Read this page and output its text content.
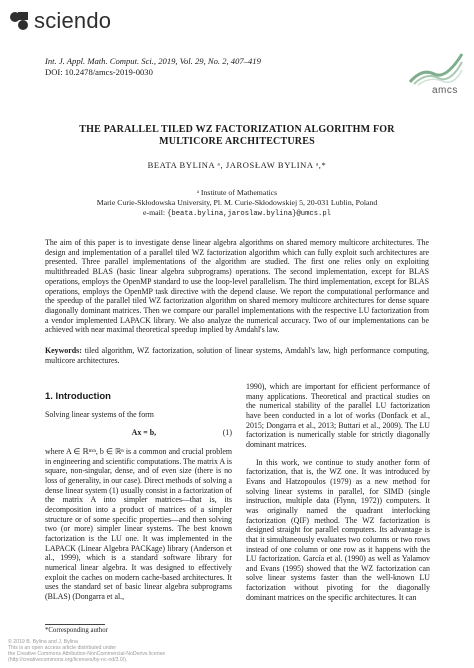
sciendo
Int. J. Appl. Math. Comput. Sci., 2019, Vol. 29, No. 2, 407–419
DOI: 10.2478/amcs-2019-0030
amcs
THE PARALLEL TILED WZ FACTORIZATION ALGORITHM FOR
MULTICORE ARCHITECTURES
BEATA BYLINA ᵃ, JAROSŁAW BYLINA ᵃ,*
ᵃ Institute of Mathematics
Marie Curie-Skłodowska University, Pl. M. Curie-Skłodowskiej 5, 20-031 Lublin, Poland
e-mail: {beata.bylina,jaroslaw.bylina}@umcs.pl
The aim of this paper is to investigate dense linear algebra algorithms on shared memory multicore architectures. The design and implementation of a parallel tiled WZ factorization algorithm which can fully exploit such architectures are presented. Three parallel implementations of the algorithm are studied. The first one relies only on exploiting multithreaded BLAS (basic linear algebra subprograms) operations. The second implementation, except for BLAS operations, employs the OpenMP standard to use the loop-level parallelism. The third implementation, except for BLAS operations, employs the OpenMP task directive with the depend clause. We report the computational performance and the speedup of the parallel tiled WZ factorization algorithm on shared memory multicore architectures for dense square diagonally dominant matrices. Then we compare our parallel implementations with the respective LU factorization from a vendor implemented LAPACK library. We also analyze the numerical accuracy. Two of our implementations can be achieved with near maximal theoretical speedup implied by Amdahl's law.
Keywords: tiled algorithm, WZ factorization, solution of linear systems, Amdahl's law, high performance computing, multicore architectures.
1. Introduction
Solving linear systems of the form
Ax = b,	(1)
where A ∈ ℝⁿˣⁿ, b ∈ ℝⁿ is a common and crucial problem in engineering and scientific computations. The matrix A is square, non-singular, dense, and of even size (there is no loss of generality, in our case). Direct methods of solving a dense linear system (1) usually consist in a factorization of the matrix A into simpler matrices—that is, its decomposition into a product of matrices of a simpler structure or of some specific properties—and then solving two (or more) simpler linear systems. The best known factorization is the LU one. It was implemented in the LAPACK (Linear Algebra PACKage) library (Anderson et al., 1999), which is a standard software library for numerical linear algebra. It was designed to effectively exploit the caches on modern cache-based architectures. It uses the standard set of basic linear algebra subprograms (BLAS) (Dongarra et al.,
1990), which are important for efficient performance of many applications. Theoretical and practical studies on the numerical stability of the parallel LU factorization have been conducted in a lot of works (Donfack et al., 2015; Dongarra et al., 2013; Buttari et al., 2009). The LU factorization is numerically stable for strictly diagonally dominant matrices.
In this work, we continue to study another form of factorization, that is, the WZ one. It was introduced by Evans and Hatzopoulos (1979) as a new method for solving linear systems in parallel, for SIMD (single instruction, multiple data (Flynn, 1972)) computers. It was originally named the quadrant interlocking factorization (QIF) method. The WZ factorization is designed straight for parallel computers. Its advantage is that it simultaneously evaluates two columns or two rows instead of one column or one row as it happens with the LU factorization. García et al. (1990) as well as Yalamov and Evans (1995) showed that the WZ factorization can solve linear systems faster than the well-known LU factorization without pivoting for the diagonally dominant matrices on the specific architectures. It can
*Corresponding author
© 2019 B. Bylina and J. Bylina
This is an open access article distributed under
the Creative Commons Attribution-NonCommercial-NoDerivs license
(http://creativecommons.org/licenses/by-nc-nd/3.0/).
